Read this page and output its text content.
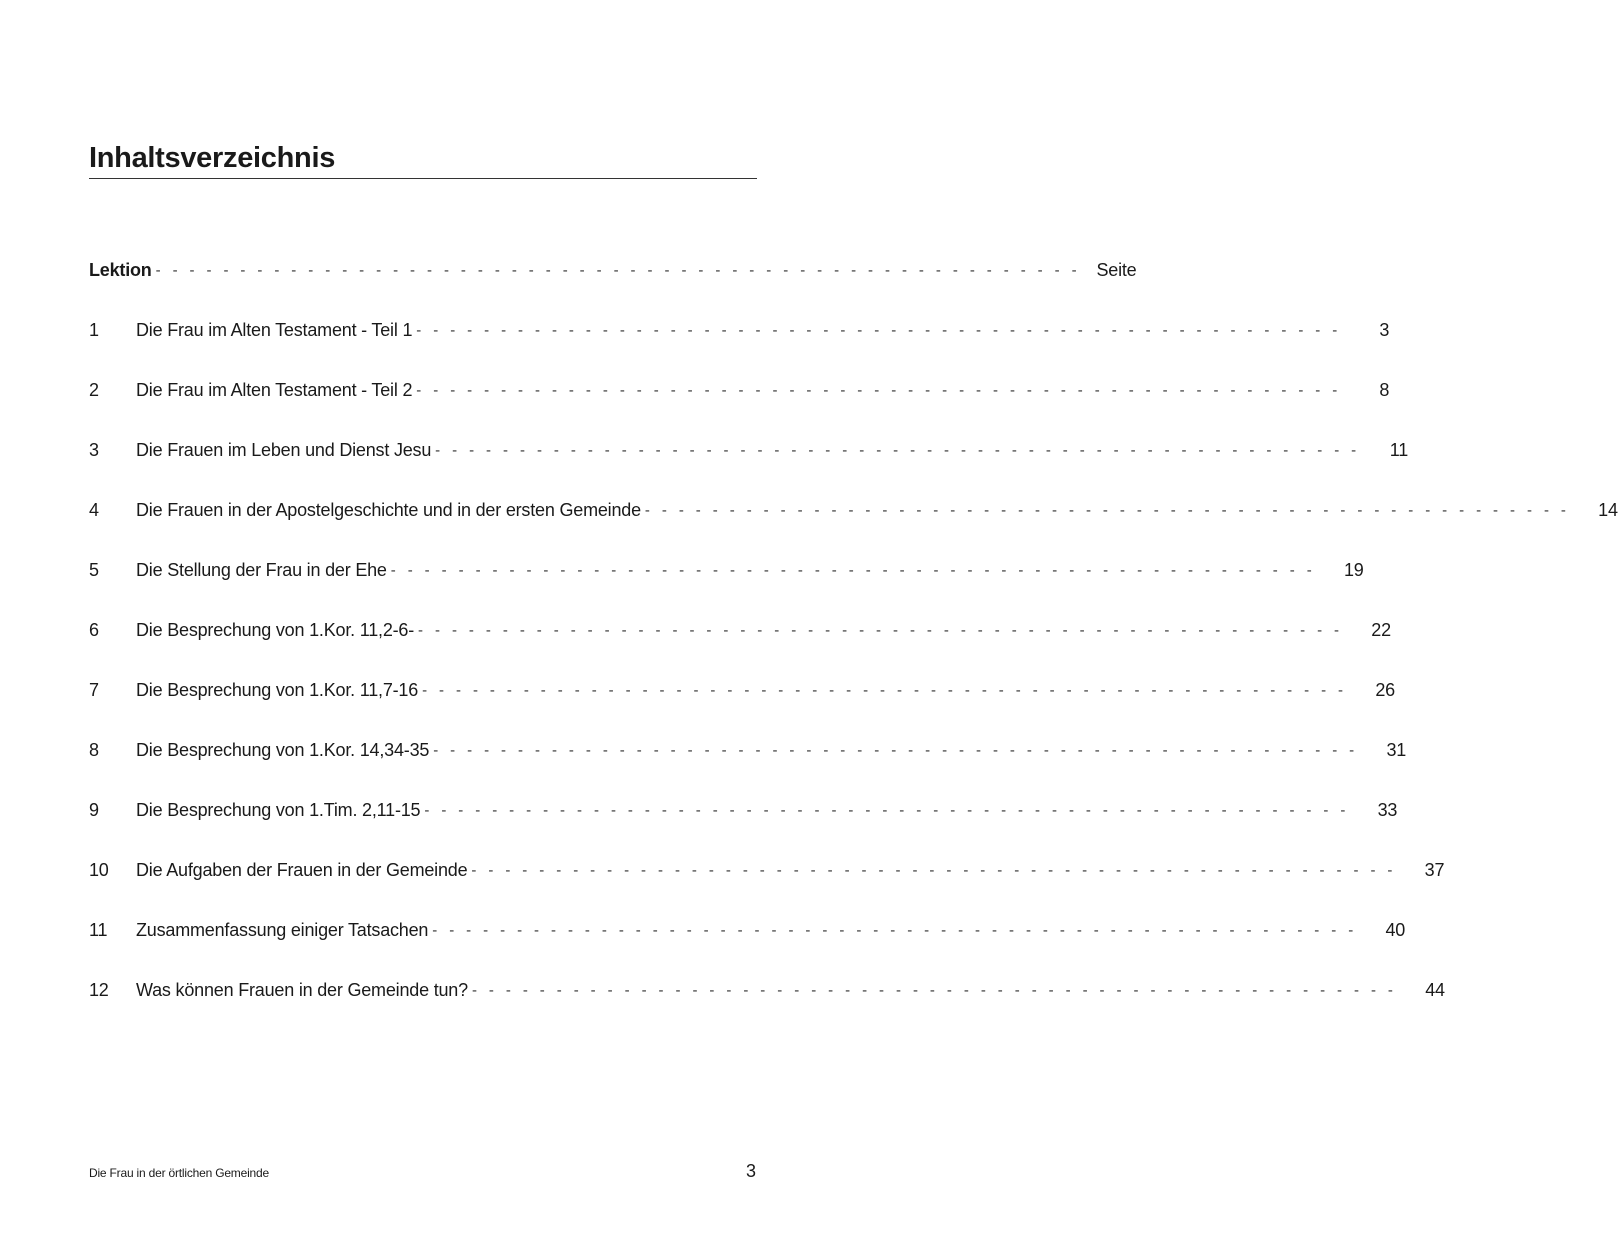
Inhaltsverzeichnis
Lektion - - - - - - - - - - - - - - - - - - - - - - - - - - - - - - - - - - - - - - - - - - - - - - - - - - - - - - - Seite
1	Die Frau im Alten Testament - Teil 1 - - - - - - - - - - - - - - - - - - - - - - - - - - - - - - - - - - - - - - - - - - - - - - - - - - - - - - -	3
2	Die Frau im Alten Testament - Teil 2 - - - - - - - - - - - - - - - - - - - - - - - - - - - - - - - - - - - - - - - - - - - - - - - - - - - - - - -	8
3	Die Frauen im Leben und Dienst Jesu - - - - - - - - - - - - - - - - - - - - - - - - - - - - - - - - - - - - - - - - - - - - - - - - - - - - - - -	11
4	Die Frauen in der Apostelgeschichte und in der ersten Gemeinde - - - - - - - - - - - - - - - - - - - - - - - - - - - - - - - - - - - - - - - - - - - - - - - - - - - - - - -	14
5	Die Stellung der Frau in der Ehe - - - - - - - - - - - - - - - - - - - - - - - - - - - - - - - - - - - - - - - - - - - - - - - - - - - - - - -	19
6	Die Besprechung von 1.Kor. 11,2-6- - - - - - - - - - - - - - - - - - - - - - - - - - - - - - - - - - - - - - - - - - - - - - - - - - - - - - - -	22
7	Die Besprechung von 1.Kor. 11,7-16 - - - - - - - - - - - - - - - - - - - - - - - - - - - - - - - - - - - - - - - - - - - - - - - - - - - - - - -	26
8	Die Besprechung von 1.Kor. 14,34-35 - - - - - - - - - - - - - - - - - - - - - - - - - - - - - - - - - - - - - - - - - - - - - - - - - - - - - - -	31
9	Die Besprechung von 1.Tim. 2,11-15 - - - - - - - - - - - - - - - - - - - - - - - - - - - - - - - - - - - - - - - - - - - - - - - - - - - - - - -	33
10	Die Aufgaben der Frauen in der Gemeinde - - - - - - - - - - - - - - - - - - - - - - - - - - - - - - - - - - - - - - - - - - - - - - - - - - - - - - -	37
11	Zusammenfassung einiger Tatsachen - - - - - - - - - - - - - - - - - - - - - - - - - - - - - - - - - - - - - - - - - - - - - - - - - - - - - - -	40
12	Was können Frauen in der Gemeinde tun? - - - - - - - - - - - - - - - - - - - - - - - - - - - - - - - - - - - - - - - - - - - - - - - - - - - - - - -	44
Die Frau in der örtlichen Gemeinde	3
